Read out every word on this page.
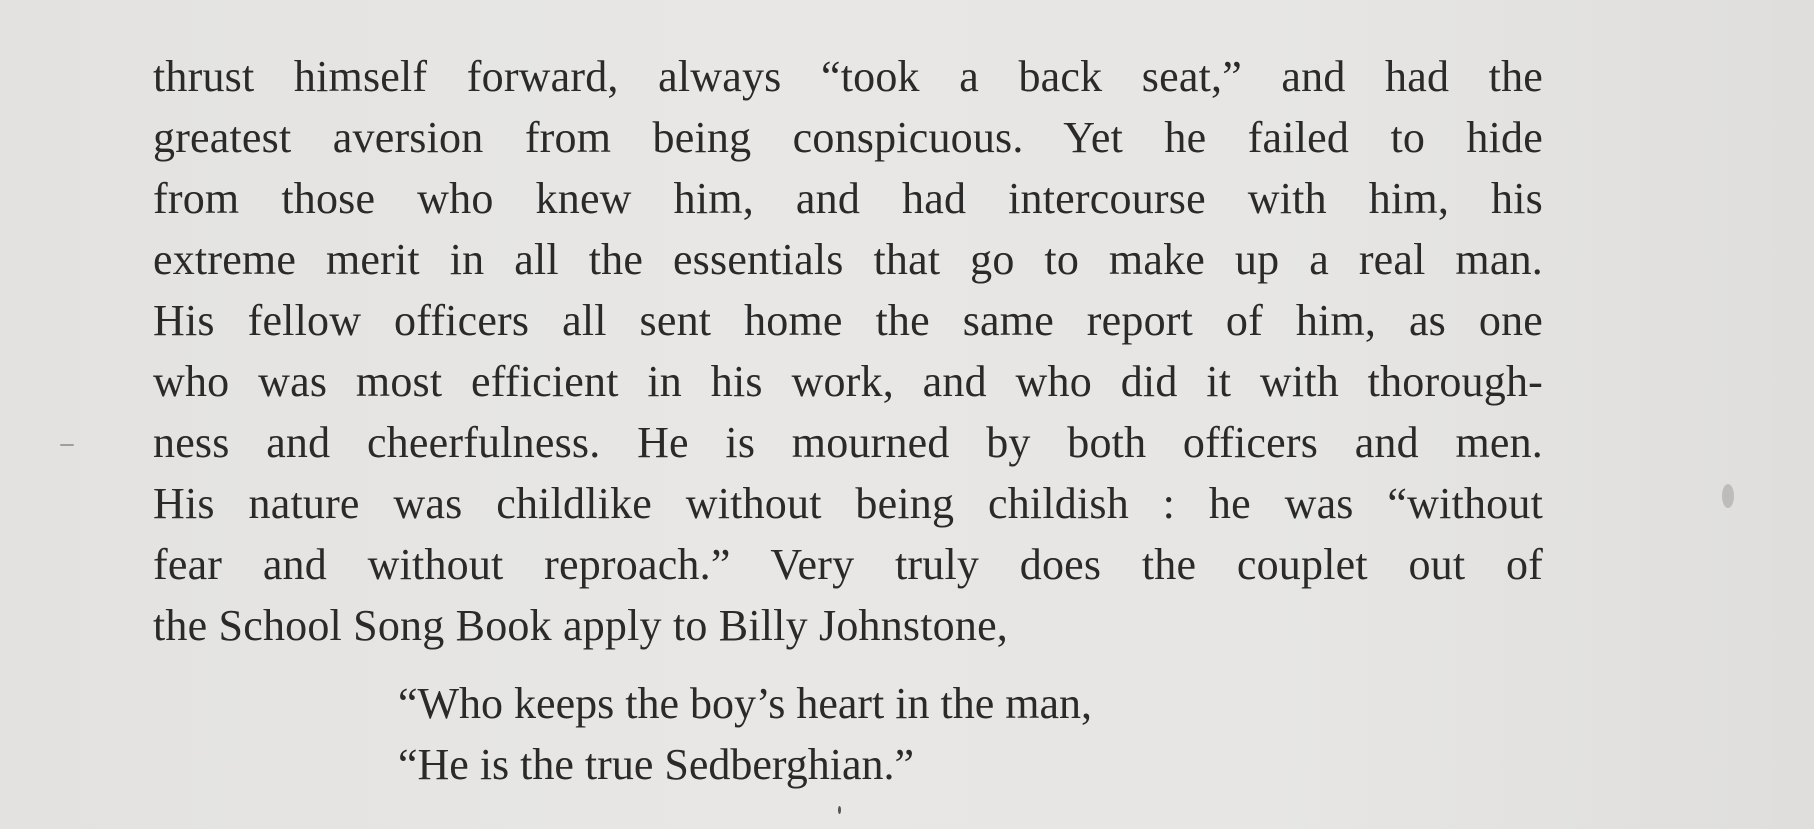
thrust himself forward, always “took a back seat,” and had the
greatest aversion from being conspicuous. Yet he failed to hide
from those who knew him, and had intercourse with him, his
extreme merit in all the essentials that go to make up a real man.
His fellow officers all sent home the same report of him, as one
who was most efficient in his work, and who did it with thorough-
ness and cheerfulness. He is mourned by both officers and men.
His nature was childlike without being childish : he was “without
fear and without reproach.” Very truly does the couplet out of
the School Song Book apply to Billy Johnstone,
“Who keeps the boy’s heart in the man,
“He is the true Sedberghian.”
